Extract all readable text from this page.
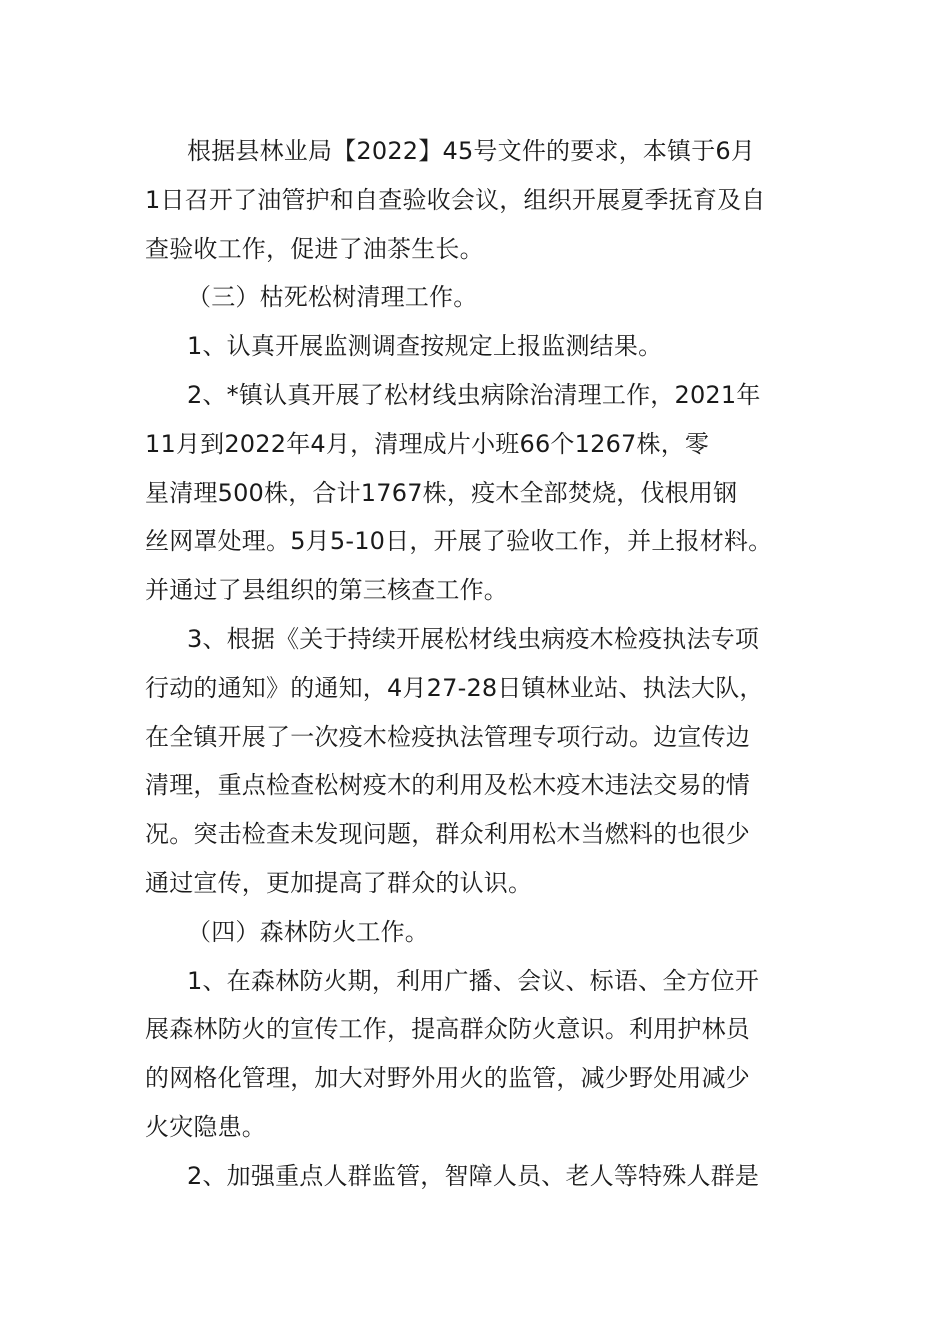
根据县林业局【2022】45号文件的要求，本镇于6月
1日召开了油管护和自查验收会议，组织开展夏季抚育及自
查验收工作，促进了油茶生长。
（三）枯死松树清理工作。
1、认真开展监测调查按规定上报监测结果。
2、*镇认真开展了松材线虫病除治清理工作，2021年
11月到2022年4月，清理成片小班66个1267株，零
星清理500株，合计1767株，疫木全部焚烧，伐根用钢
丝网罩处理。5月5-10日，开展了验收工作，并上报材料。
并通过了县组织的第三核查工作。
3、根据《关于持续开展松材线虫病疫木检疫执法专项
行动的通知》的通知，4月27-28日镇林业站、执法大队，
在全镇开展了一次疫木检疫执法管理专项行动。边宣传边
清理，重点检查松树疫木的利用及松木疫木违法交易的情
况。突击检查未发现问题，群众利用松木当燃料的也很少
通过宣传，更加提高了群众的认识。
（四）森林防火工作。
1、在森林防火期，利用广播、会议、标语、全方位开
展森林防火的宣传工作，提高群众防火意识。利用护林员
的网格化管理，加大对野外用火的监管，减少野处用减少
火灾隐患。
2、加强重点人群监管，智障人员、老人等特殊人群是
